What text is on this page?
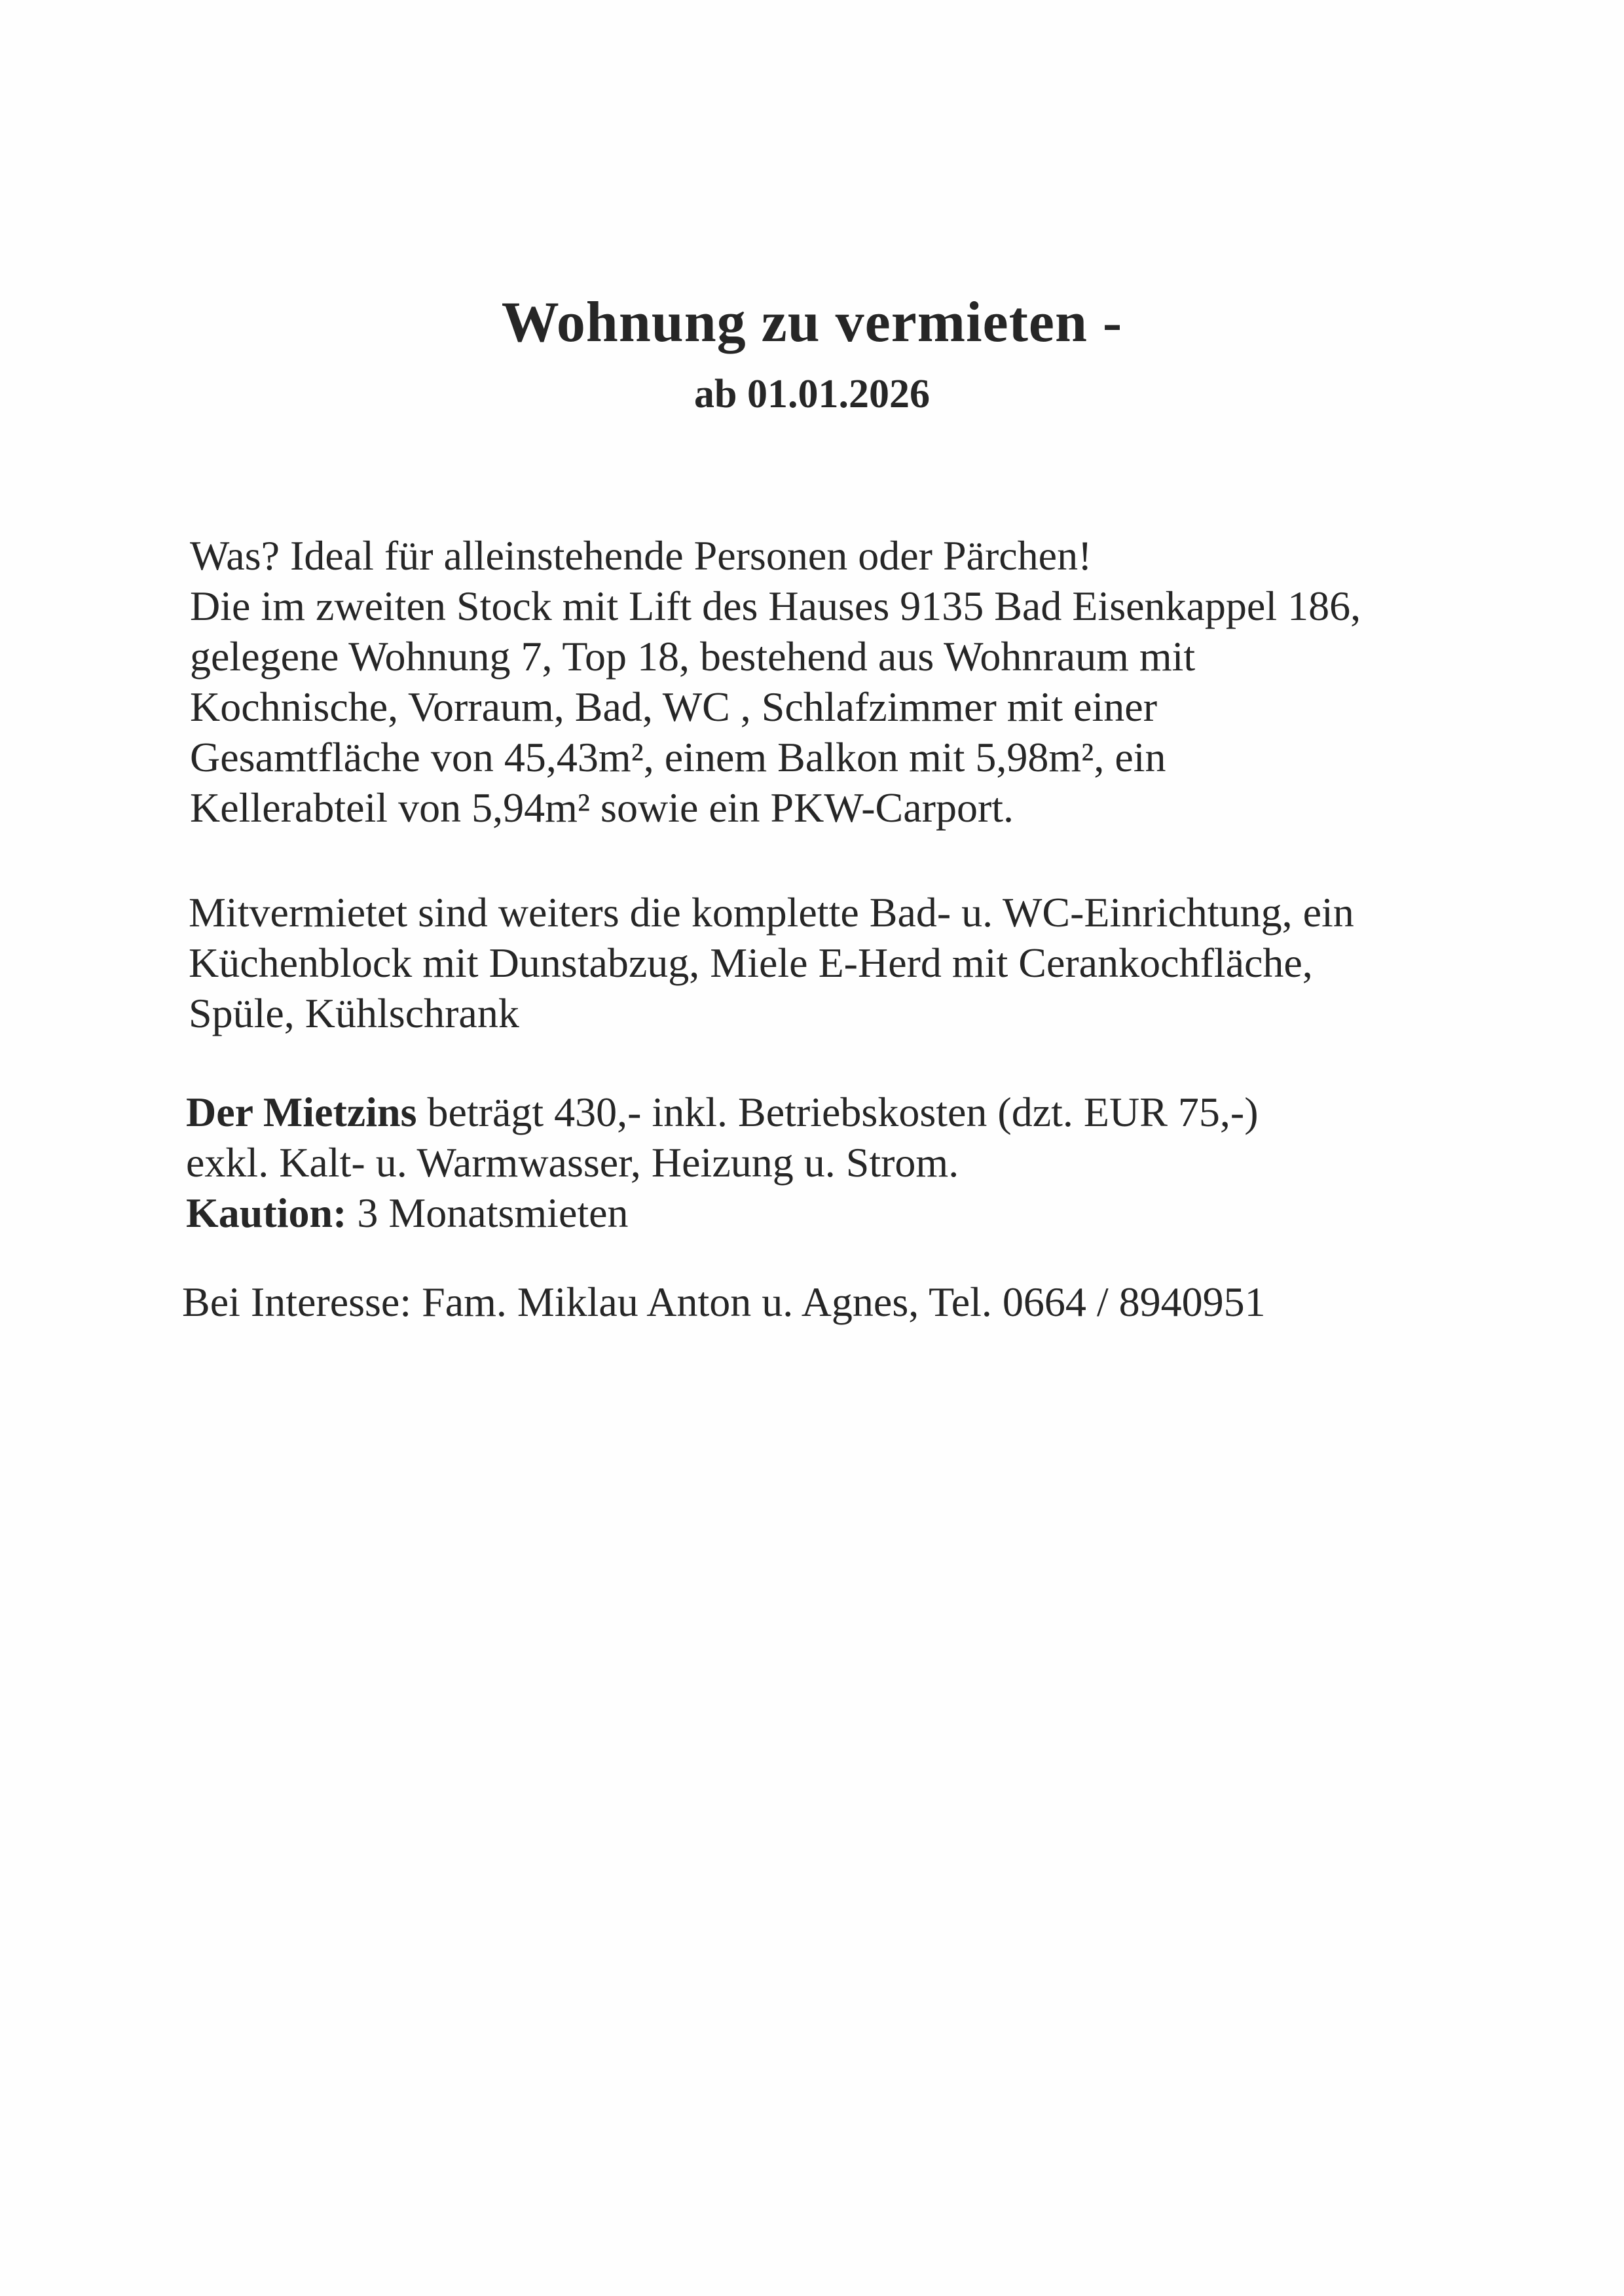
Wohnung zu vermieten -
ab 01.01.2026
Was? Ideal für alleinstehende Personen oder Pärchen!
Die im zweiten Stock mit Lift des Hauses 9135 Bad Eisenkappel 186,
gelegene Wohnung 7, Top 18, bestehend aus Wohnraum mit
Kochnische, Vorraum, Bad, WC , Schlafzimmer mit einer
Gesamtfläche von 45,43m², einem Balkon mit 5,98m², ein
Kellerabteil von 5,94m² sowie ein PKW-Carport.
Mitvermietet sind weiters die komplette Bad- u. WC-Einrichtung, ein
Küchenblock mit Dunstabzug, Miele E-Herd mit Cerankochfläche,
Spüle, Kühlschrank
Der Mietzins beträgt 430,- inkl. Betriebskosten (dzt. EUR 75,-)
exkl. Kalt- u. Warmwasser, Heizung u. Strom.
Kaution: 3 Monatsmieten
Bei Interesse: Fam. Miklau Anton u. Agnes, Tel. 0664 / 8940951
